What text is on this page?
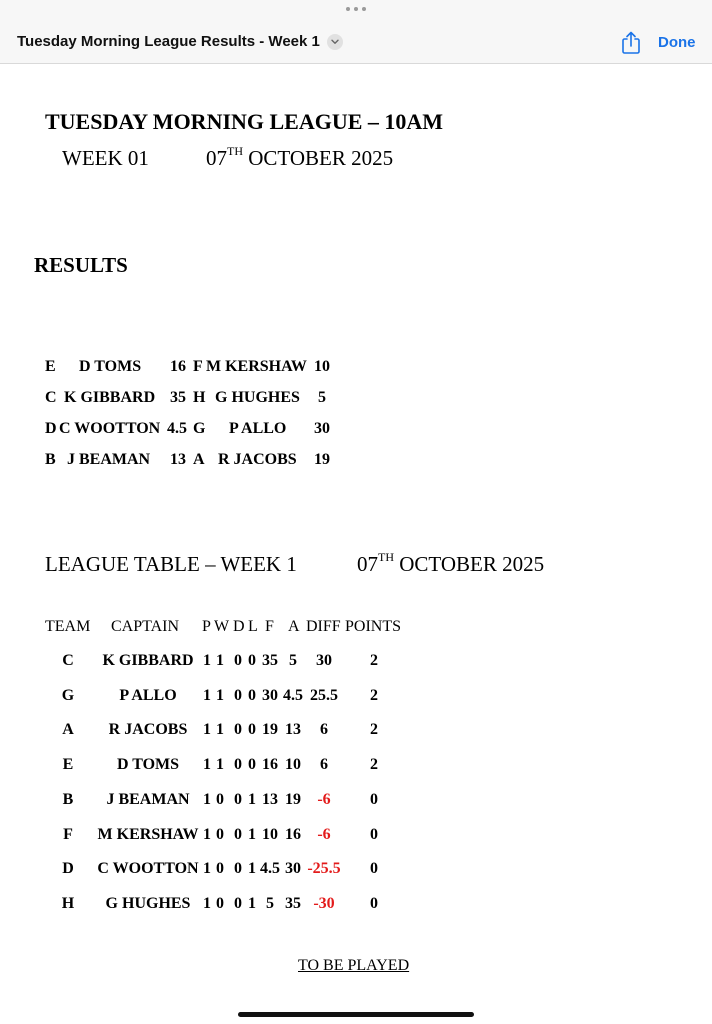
Tuesday Morning League Results - Week 1	Done
TUESDAY MORNING LEAGUE – 10AM
WEEK 01	07TH OCTOBER 2025
RESULTS
E D TOMS 16 F M KERSHAW 10
C K GIBBARD 35 H G HUGHES 5
D C WOOTTON 4.5 G P ALLO 30
B J BEAMAN 13 A R JACOBS 19
LEAGUE TABLE – WEEK 1	07TH OCTOBER 2025
TEAM CAPTAIN P W D L F A DIFF POINTS
C K GIBBARD 1 1 0 0 35 5 30 2
G	P ALLO 1 1 0 0 30 4.5 25.5 2
A R JACOBS 1 1 0 0 19 13 6	2
E	D TOMS 1 1 0 0 16 10 6	2
B J BEAMAN 1 0 0 1 13 19 -6 0
F M KERSHAW 1 0 0 1 10 16 -6 0
D C WOOTTON 1 0 0 1 4.5 30 -25.5 0
H G HUGHES 1 0 0 1 5 35 -30 0
TO BE PLAYED
